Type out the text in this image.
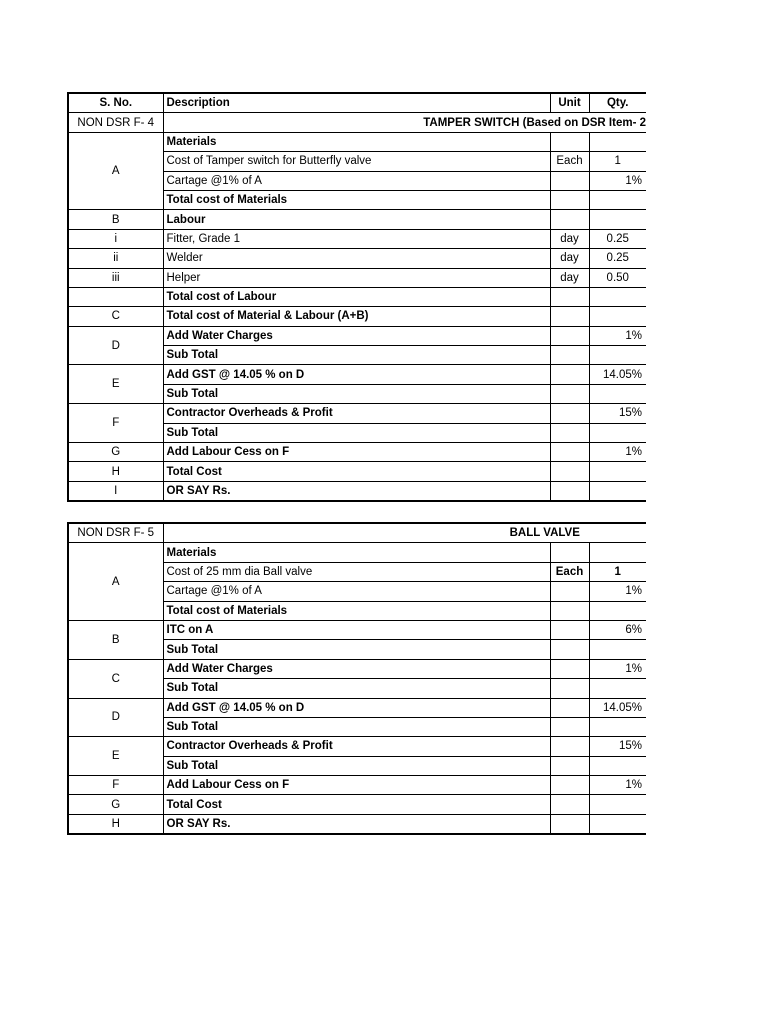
S. No.	Description	Unit	Qty.
NON DSR F- 4	TAMPER SWITCH (Based on DSR Item- 2		
A	Materials		
	Cost of Tamper switch for Butterfly valve	Each	1
	Cartage @1% of A		1%
	Total cost of Materials		
B	Labour		
i	Fitter, Grade 1	day	0.25
ii	Welder	day	0.25
iii	Helper	day	0.50
	Total cost of Labour		
C	Total cost of Material & Labour (A+B)		
D	Add Water Charges		1%
	Sub Total		
E	Add GST @ 14.05 % on D		14.05%
	Sub Total		
F	Contractor Overheads & Profit		15%
	Sub Total		
G	Add Labour Cess on F		1%
H	Total Cost		
I	OR SAY Rs.		
NON DSR F- 5	BALL VALVE		
A	Materials		
	Cost of 25 mm dia Ball valve	Each	1
	Cartage @1% of A		1%
	Total cost of Materials		
B	ITC on A		6%
	Sub Total		
C	Add Water Charges		1%
	Sub Total		
D	Add GST @ 14.05 % on D		14.05%
	Sub Total		
E	Contractor Overheads & Profit		15%
	Sub Total		
F	Add Labour Cess on F		1%
G	Total Cost		
H	OR SAY Rs.		
